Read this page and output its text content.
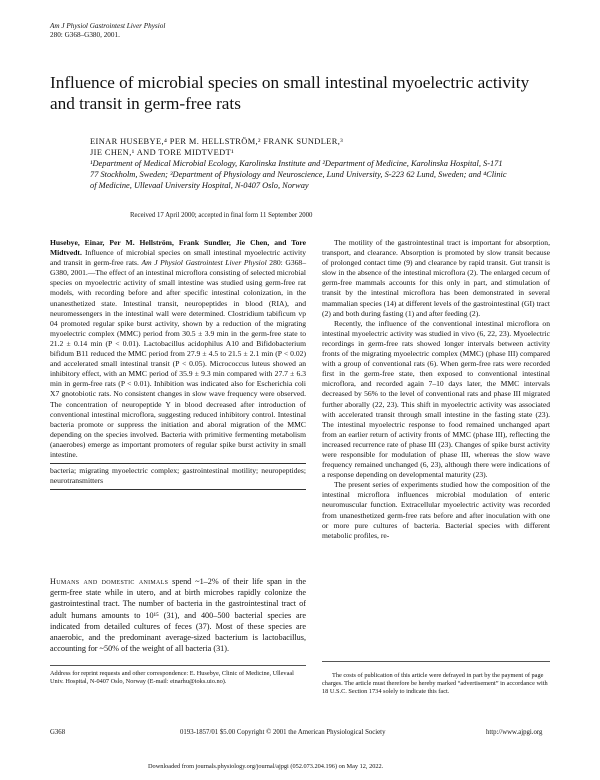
Am J Physiol Gastrointest Liver Physiol
280: G368–G380, 2001.
Influence of microbial species on small intestinal myoelectric activity and transit in germ-free rats
EINAR HUSEBYE,⁴ PER M. HELLSTRÖM,² FRANK SUNDLER,³
JIE CHEN,¹ AND TORE MIDTVEDT¹
¹Department of Medical Microbial Ecology, Karolinska Institute and ²Department of Medicine, Karolinska Hospital, S-171 77 Stockholm, Sweden; ³Department of Physiology and Neuroscience, Lund University, S-223 62 Lund, Sweden; and ⁴Clinic of Medicine, Ullevaal University Hospital, N-0407 Oslo, Norway
Received 17 April 2000; accepted in final form 11 September 2000

Husebye, Einar, Per M. Hellström, Frank Sundler, Jie Chen, and Tore Midtvedt. Influence of microbial species on small intestinal myoelectric activity and transit in germ-free rats. Am J Physiol Gastrointest Liver Physiol 280: G368–G380, 2001.—The effect of an intestinal microflora consisting of selected microbial species on myoelectric activity of small intestine was studied using germ-free rat models, with recording before and after specific intestinal colonization, in the unanesthetized state. Intestinal transit, neuropeptides in blood (RIA), and neuromessengers in the intestinal wall were determined. Clostridium tabificum vp 04 promoted regular spike burst activity, shown by a reduction of the migrating myoelectric complex (MMC) period from 30.5 ± 3.9 min in the germ-free state to 21.2 ± 0.14 min (P < 0.01). Lactobacillus acidophilus A10 and Bifidobacterium bifidum B11 reduced the MMC period from 27.9 ± 4.5 to 21.5 ± 2.1 min (P < 0.02) and accelerated small intestinal transit (P < 0.05). Micrococcus luteus showed an inhibitory effect, with an MMC period of 35.9 ± 9.3 min compared with 27.7 ± 6.3 min in germ-free rats (P < 0.01). Inhibition was indicated also for Escherichia coli X7 gnotobiotic rats. No consistent changes in slow wave frequency were observed. The concentration of neuropeptide Y in blood decreased after introduction of conventional intestinal microflora, suggesting reduced inhibitory control. Intestinal bacteria promote or suppress the initiation and aboral migration of the MMC depending on the species involved. Bacteria with primitive fermenting metabolism (anaerobes) emerge as important promoters of regular spike burst activity in small intestine.

bacteria; migrating myoelectric complex; gastrointestinal motility; neuropeptides; neurotransmitters

Humans and domestic animals spend ~1–2% of their life span in the germ-free state while in utero, and at birth microbes rapidly colonize the gastrointestinal tract. The number of bacteria in the gastrointestinal tract of adult humans amounts to 10¹⁵ (31), and 400–500 bacterial species are indicated from detailed cultures of feces (37). Most of these species are anaerobic, and the predominant average-sized bacterium is lactobacillus, accounting for ~50% of the weight of all bacteria (31).

The motility of the gastrointestinal tract is important for absorption, transport, and clearance. Absorption is promoted by slow transit because of prolonged contact time (9) and clearance by rapid transit. Gut transit is slow in the absence of the intestinal microflora (2). The enlarged cecum of germ-free mammals accounts for this only in part, and stimulation of transit by the intestinal microflora has been demonstrated in several mammalian species (14) at different levels of the gastrointestinal (GI) tract (2) and both during fasting (1) and after feeding (2).

Recently, the influence of the conventional intestinal microflora on intestinal myoelectric activity was studied in vivo (6, 22, 23). Myoelectric recordings in germ-free rats showed longer intervals between activity fronts of the migrating myoelectric complex (MMC) (phase III) compared with a group of conventional rats (6). When germ-free rats were recorded first in the germ-free state, then exposed to conventional intestinal microflora, and recorded again 7–10 days later, the MMC intervals decreased by 56% to the level of conventional rats and phase III migrated further aborally (22, 23). This shift in myoelectric activity was associated with accelerated transit through small intestine in the fasting state (23). The intestinal myoelectric response to food remained unchanged apart from an earlier return of activity fronts of MMC (phase III), reflecting the increased recurrence rate of phase III (23). Changes of spike burst activity were responsible for modulation of phase III, whereas the slow wave frequency remained unchanged (6, 23), although there were indications of a response depending on developmental maturity (23).

The present series of experiments studied how the composition of the intestinal microflora influences microbial modulation of enteric neuromuscular function. Extracellular myoelectric activity was recorded from unanesthetized germ-free rats before and after inoculation with one or more pure cultures of bacteria. Bacterial species with different metabolic profiles, re-

Address for reprint requests and other correspondence: E. Husebye, Clinic of Medicine, Ullevaal Univ. Hospital, N-0407 Oslo, Norway (E-mail: einarhu@ioks.uio.no).

The costs of publication of this article were defrayed in part by the payment of page charges. The article must therefore be hereby marked “advertisement” in accordance with 18 U.S.C. Section 1734 solely to indicate this fact.

G368	0193-1857/01 $5.00 Copyright © 2001 the American Physiological Society	http://www.ajpgi.org
Downloaded from journals.physiology.org/journal/ajpgi (052.073.204.196) on May 12, 2022.
